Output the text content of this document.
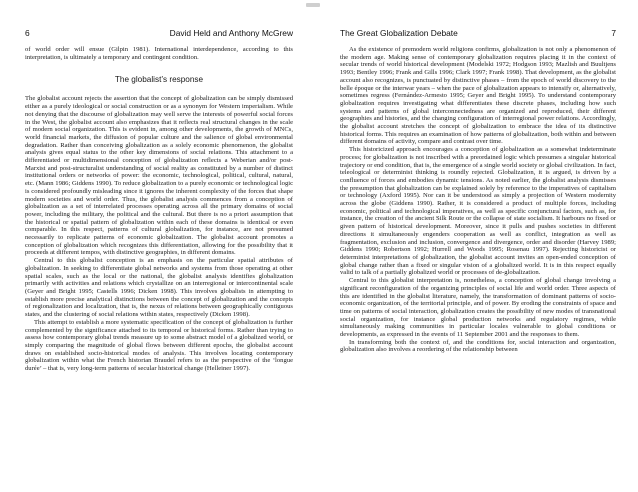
6	David Held and Anthony McGrew

of world order will ensue (Gilpin 1981). International interdependence, according to this interpretation, is ultimately a temporary and contingent condition.

The globalist’s response

The globalist account rejects the assertion that the concept of globalization can be simply dismissed either as a purely ideological or social construction or as a synonym for Western imperialism. While not denying that the discourse of globalization may well serve the interests of powerful social forces in the West, the globalist account also emphasizes that it reflects real structural changes in the scale of modern social organization. This is evident in, among other developments, the growth of MNCs, world financial markets, the diffusion of popular culture and the salience of global environmental degradation. Rather than conceiving globalization as a solely economic phenomenon, the globalist analysis gives equal status to the other key dimensions of social relations. This attachment to a differentiated or multidimensional conception of globalization reflects a Weberian and/or post-Marxist and post-structuralist understanding of social reality as constituted by a number of distinct institutional orders or networks of power: the economic, technological, political, cultural, natural, etc. (Mann 1986; Giddens 1990). To reduce globalization to a purely economic or technological logic is considered profoundly misleading since it ignores the inherent complexity of the forces that shape modern societies and world order. Thus, the globalist analysis commences from a conception of globalization as a set of interrelated processes operating across all the primary domains of social power, including the military, the political and the cultural. But there is no a priori assumption that the historical or spatial pattern of globalization within each of these domains is identical or even comparable. In this respect, patterns of cultural globalization, for instance, are not presumed necessarily to replicate patterns of economic globalization. The globalist account promotes a conception of globalization which recognizes this differentiation, allowing for the possibility that it proceeds at different tempos, with distinctive geographies, in different domains.

Central to this globalist conception is an emphasis on the particular spatial attributes of globalization. In seeking to differentiate global networks and systems from those operating at other spatial scales, such as the local or the national, the globalist analysis identifies globalization primarily with activities and relations which crystallize on an interregional or intercontinental scale (Geyer and Bright 1995; Castells 1996; Dicken 1998). This involves globalists in attempting to establish more precise analytical distinctions between the concept of globalization and the concepts of regionalization and localization, that is, the nexus of relations between geographically contiguous states, and the clustering of social relations within states, respectively (Dicken 1998).

This attempt to establish a more systematic specification of the concept of globalization is further complemented by the significance attached to its temporal or historical forms. Rather than trying to assess how contemporary global trends measure up to some abstract model of a globalized world, or simply comparing the magnitude of global flows between different epochs, the globalist account draws on established socio-historical modes of analysis. This involves locating contemporary globalization within what the French historian Braudel refers to as the perspective of the ‘longue durée’ – that is, very long-term patterns of secular historical change (Helleiner 1997).

The Great Globalization Debate	7

As the existence of premodern world religions confirms, globalization is not only a phenomenon of the modern age. Making sense of contemporary globalization requires placing it in the context of secular trends of world historical development (Modelski 1972; Hodgson 1993; Mazlish and Buultjens 1993; Bentley 1996; Frank and Gills 1996; Clark 1997; Frank 1998). That development, as the globalist account also recognizes, is punctuated by distinctive phases – from the epoch of world discovery to the belle époque or the interwar years – when the pace of globalization appears to intensify or, alternatively, sometimes regress (Fernández-Armesto 1995; Geyer and Bright 1995). To understand contemporary globalization requires investigating what differentiates these discrete phases, including how such systems and patterns of global interconnectedness are organized and reproduced, their different geographies and histories, and the changing configuration of interregional power relations. Accordingly, the globalist account stretches the concept of globalization to embrace the idea of its distinctive historical forms. This requires an examination of how patterns of globalization, both within and between different domains of activity, compare and contrast over time.

This historicized approach encourages a conception of globalization as a somewhat indeterminate process; for globalization is not inscribed with a preordained logic which presumes a singular historical trajectory or end condition, that is, the emergence of a single world society or global civilization. In fact, teleological or determinist thinking is roundly rejected. Globalization, it is argued, is driven by a confluence of forces and embodies dynamic tensions. As noted earlier, the globalist analysis dismisses the presumption that globalization can be explained solely by reference to the imperatives of capitalism or technology (Axford 1995). Nor can it be understood as simply a projection of Western modernity across the globe (Giddens 1990). Rather, it is considered a product of multiple forces, including economic, political and technological imperatives, as well as specific conjunctural factors, such as, for instance, the creation of the ancient Silk Route or the collapse of state socialism. It harbours no fixed or given pattern of historical development. Moreover, since it pulls and pushes societies in different directions it simultaneously engenders cooperation as well as conflict, integration as well as fragmentation, exclusion and inclusion, convergence and divergence, order and disorder (Harvey 1989; Giddens 1990; Robertson 1992; Hurrell and Woods 1995; Rosenau 1997). Rejecting historicist or determinist interpretations of globalization, the globalist account invites an open-ended conception of global change rather than a fixed or singular vision of a globalized world. It is in this respect equally valid to talk of a partially globalized world or processes of de-globalization.

Central to this globalist interpretation is, nonetheless, a conception of global change involving a significant reconfiguration of the organizing principles of social life and world order. Three aspects of this are identified in the globalist literature, namely, the transformation of dominant patterns of socio-economic organization, of the territorial principle, and of power. By eroding the constraints of space and time on patterns of social interaction, globalization creates the possibility of new modes of transnational social organization, for instance global production networks and regulatory regimes, while simultaneously making communities in particular locales vulnerable to global conditions or developments, as expressed in the events of 11 September 2001 and the responses to them.

In transforming both the context of, and the conditions for, social interaction and organization, globalization also involves a reordering of the relationship between
